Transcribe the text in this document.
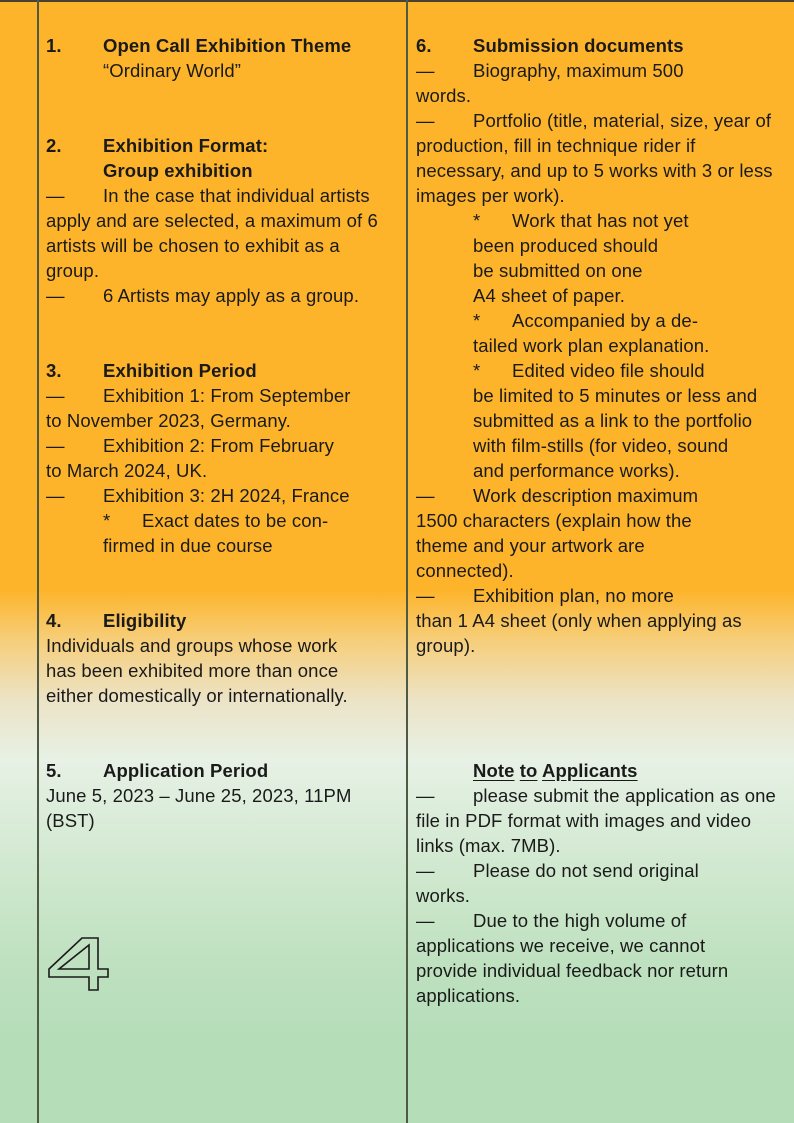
1.	Open Call Exhibition Theme
“Ordinary World”
2.	Exhibition Format:
Group exhibition
— In the case that individual artists apply and are selected, a maximum of 6 artists will be chosen to exhibit as a group.
— 6 Artists may apply as a group.
3.	Exhibition Period
— Exhibition 1: From September
to November 2023, Germany.
— Exhibition 2: From February
to March 2024, UK.
— Exhibition 3: 2H 2024, France
* Exact dates to be con-
firmed in due course
4.	Eligibility
Individuals and groups whose work has been exhibited more than once either domestically or internationally.
5.	Application Period
June 5, 2023 – June 25, 2023, 11PM (BST)
6.	Submission documents
— Biography, maximum 500
words.
— Portfolio (title, material, size, year of production, fill in technique rider if necessary, and up to 5 works with 3 or less images per work).
* Work that has not yet
been produced should be submitted on one A4 sheet of paper.
* Accompanied by a de-
tailed work plan explanation.
* Edited video file should
be limited to 5 minutes or less and submitted as a link to the portfolio with film-stills (for video, sound and performance works).
— Work description maximum
1500 characters (explain how the theme and your artwork are connected).
— Exhibition plan, no more
than 1 A4 sheet (only when applying as group).
Note to Applicants
— please submit the application as one file in PDF format with images and video links (max. 7MB).
— Please do not send original
works.
— Due to the high volume of
applications we receive, we cannot provide individual feedback nor return applications.
